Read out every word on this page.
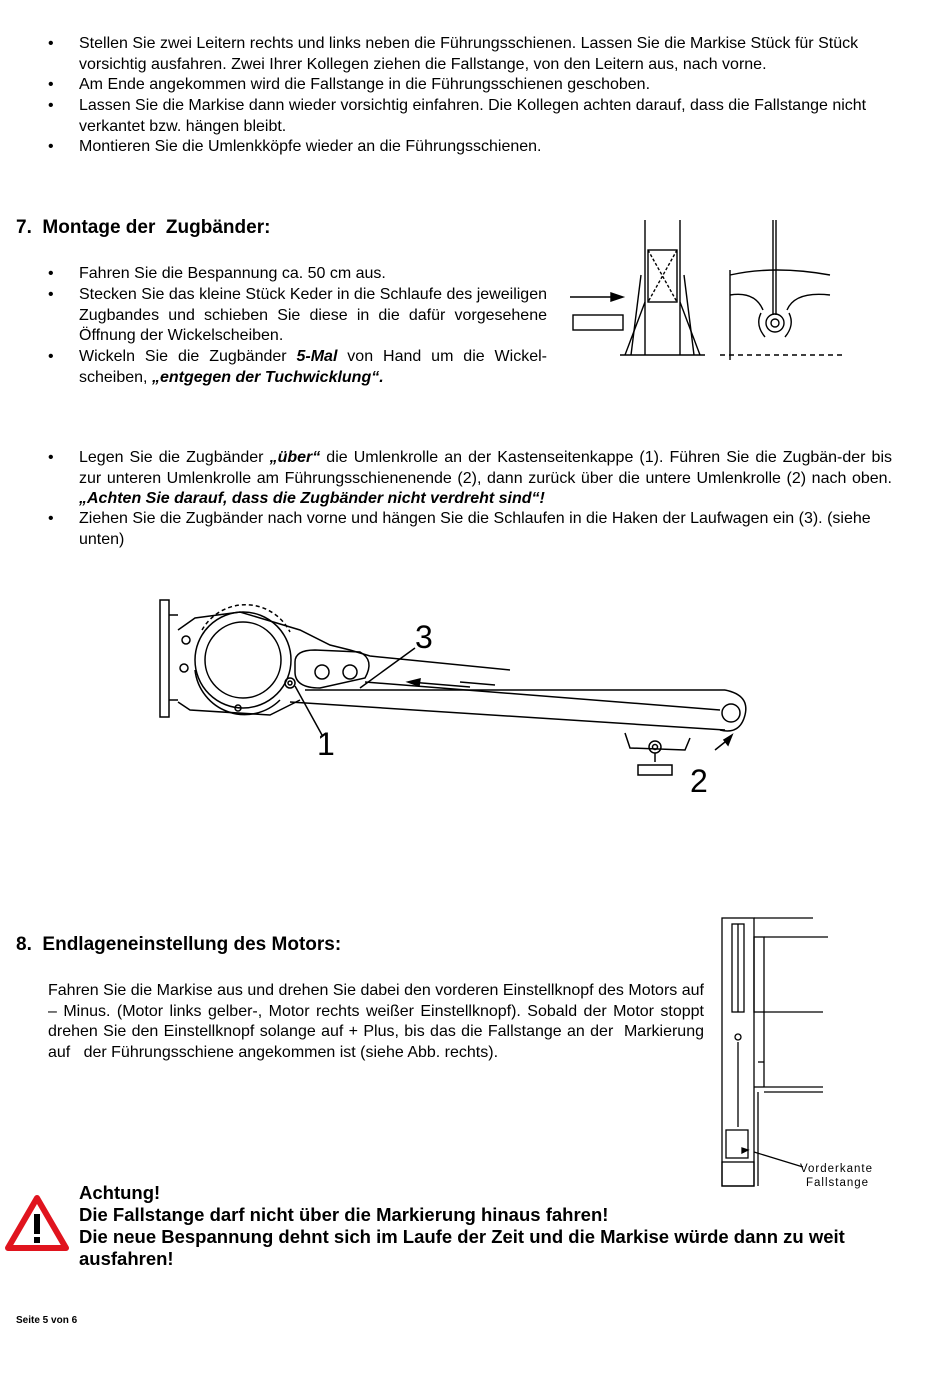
• Stellen Sie zwei Leitern rechts und links neben die Führungsschienen. Lassen Sie die Markise Stück für Stück vorsichtig ausfahren. Zwei Ihrer Kollegen ziehen die Fallstange, von den Leitern aus, nach vorne.
• Am Ende angekommen wird die Fallstange in die Führungsschienen geschoben.
• Lassen Sie die Markise dann wieder vorsichtig einfahren. Die Kollegen achten darauf, dass die Fallstange nicht verkantet bzw. hängen bleibt.
• Montieren Sie die Umlenkköpfe wieder an die Führungsschienen.
7. Montage der  Zugbänder:
• Fahren Sie die Bespannung ca. 50 cm aus.
• Stecken Sie das kleine Stück Keder in die Schlaufe des jeweiligen Zugbandes und schieben Sie diese in die dafür vorgesehene Öffnung der Wickelscheiben.
• Wickeln Sie die Zugbänder 5-Mal von Hand um die Wickel-scheiben, „entgegen der Tuchwicklung“.
• Legen Sie die Zugbänder „über“ die Umlenkrolle an der Kastenseitenkappe (1). Führen Sie die Zugbän-der bis zur unteren Umlenkrolle am Führungsschienenende (2), dann zurück über die untere Umlenkrolle (2) nach oben. „Achten Sie darauf, dass die Zugbänder nicht verdreht sind“!
• Ziehen Sie die Zugbänder nach vorne und hängen Sie die Schlaufen in die Haken der Laufwagen ein (3). (siehe unten)
3
1
2
8. Endlageneinstellung des Motors:
Fahren Sie die Markise aus und drehen Sie dabei den vorderen Einstellknopf des Motors auf – Minus. (Motor links gelber-, Motor rechts weißer Einstellknopf). Sobald der Motor stoppt drehen Sie den Einstellknopf solange auf + Plus, bis das die Fallstange an der  Markierung auf   der Führungsschiene angekommen ist (siehe Abb. rechts).
Vorderkante
Fallstange
Achtung!
Die Fallstange darf nicht über die Markierung hinaus fahren!
Die neue Bespannung dehnt sich im Laufe der Zeit und die Markise würde dann zu weit ausfahren!
Seite 5 von 6
